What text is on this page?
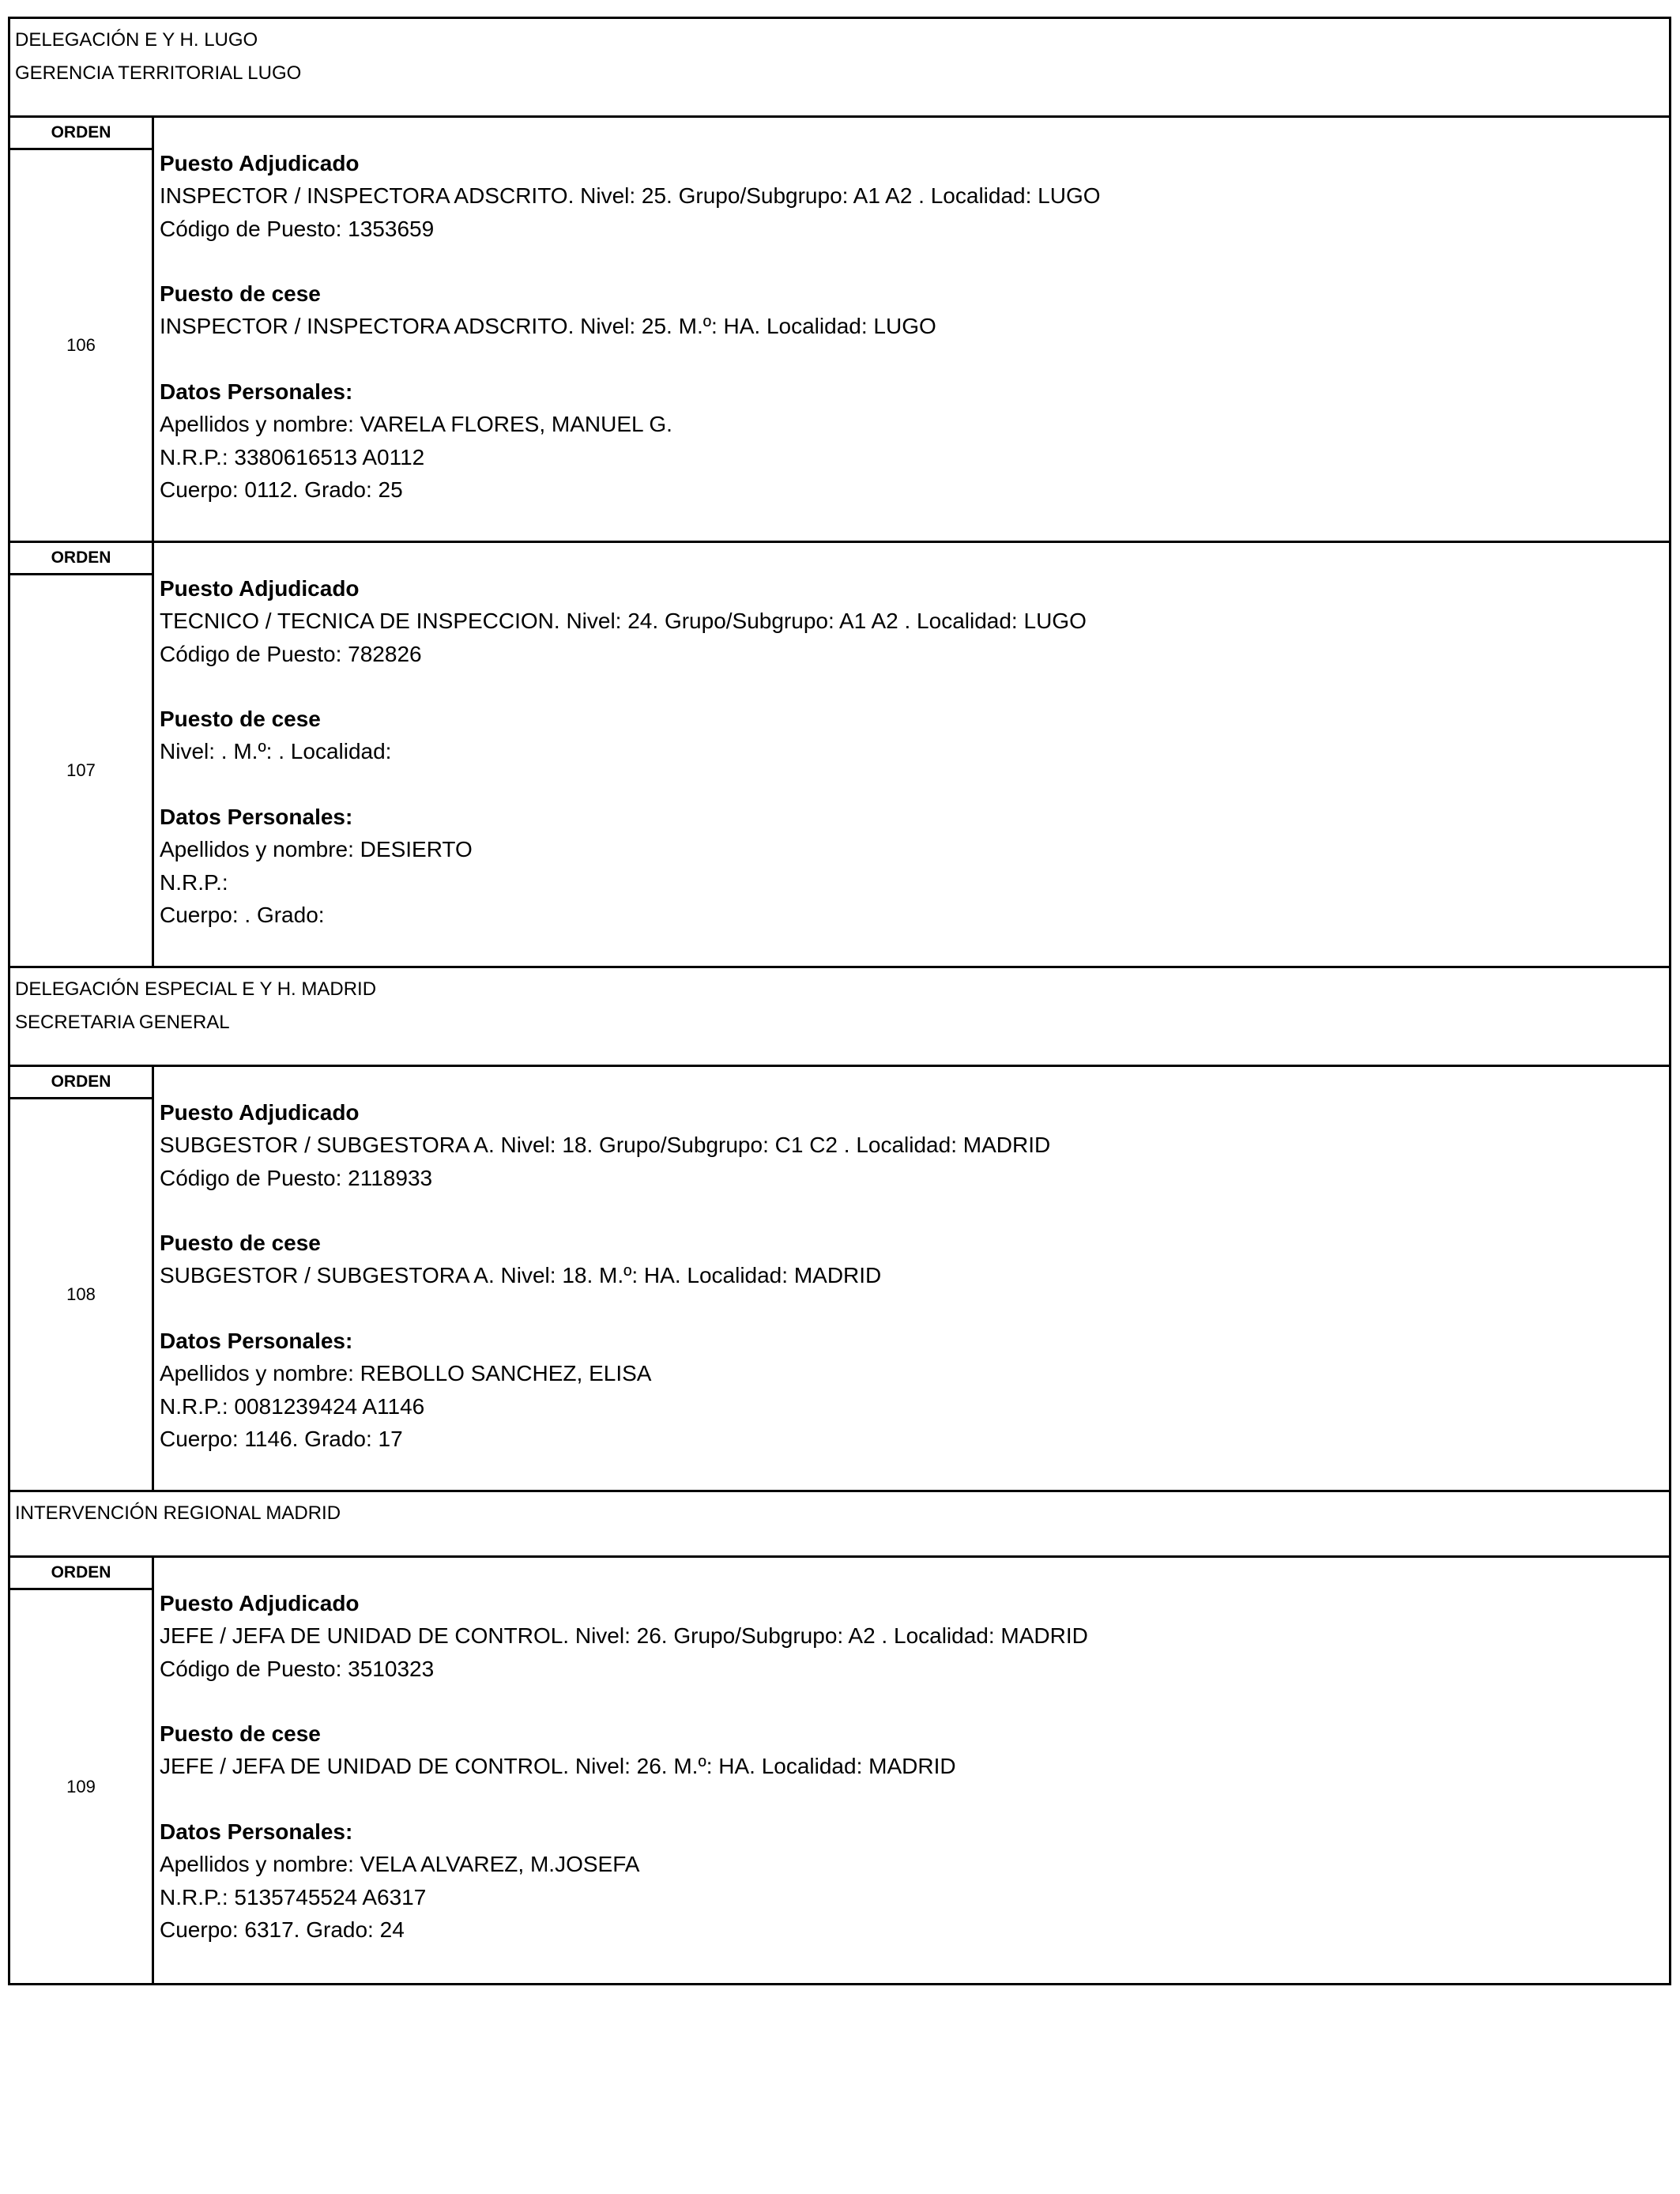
DELEGACIÓN E Y H. LUGO
GERENCIA TERRITORIAL LUGO
ORDEN
106
Puesto Adjudicado
INSPECTOR / INSPECTORA ADSCRITO. Nivel: 25. Grupo/Subgrupo: A1 A2 . Localidad: LUGO
Código de Puesto: 1353659
Puesto de cese
INSPECTOR / INSPECTORA ADSCRITO. Nivel: 25. M.º: HA. Localidad: LUGO
Datos Personales:
Apellidos y nombre: VARELA FLORES, MANUEL G.
N.R.P.: 3380616513 A0112
Cuerpo: 0112. Grado: 25
ORDEN
107
Puesto Adjudicado
TECNICO / TECNICA DE INSPECCION. Nivel: 24. Grupo/Subgrupo: A1 A2 . Localidad: LUGO
Código de Puesto: 782826
Puesto de cese
Nivel: . M.º: . Localidad:
Datos Personales:
Apellidos y nombre: DESIERTO
N.R.P.:
Cuerpo: . Grado:
DELEGACIÓN ESPECIAL E Y H. MADRID
SECRETARIA GENERAL
ORDEN
108
Puesto Adjudicado
SUBGESTOR / SUBGESTORA A. Nivel: 18. Grupo/Subgrupo: C1 C2 . Localidad: MADRID
Código de Puesto: 2118933
Puesto de cese
SUBGESTOR / SUBGESTORA A. Nivel: 18. M.º: HA. Localidad: MADRID
Datos Personales:
Apellidos y nombre: REBOLLO SANCHEZ, ELISA
N.R.P.: 0081239424 A1146
Cuerpo: 1146. Grado: 17
INTERVENCIÓN REGIONAL MADRID
ORDEN
109
Puesto Adjudicado
JEFE / JEFA DE UNIDAD DE CONTROL. Nivel: 26. Grupo/Subgrupo: A2 . Localidad: MADRID
Código de Puesto: 3510323
Puesto de cese
JEFE / JEFA DE UNIDAD DE CONTROL. Nivel: 26. M.º: HA. Localidad: MADRID
Datos Personales:
Apellidos y nombre: VELA ALVAREZ, M.JOSEFA
N.R.P.: 5135745524 A6317
Cuerpo: 6317. Grado: 24
